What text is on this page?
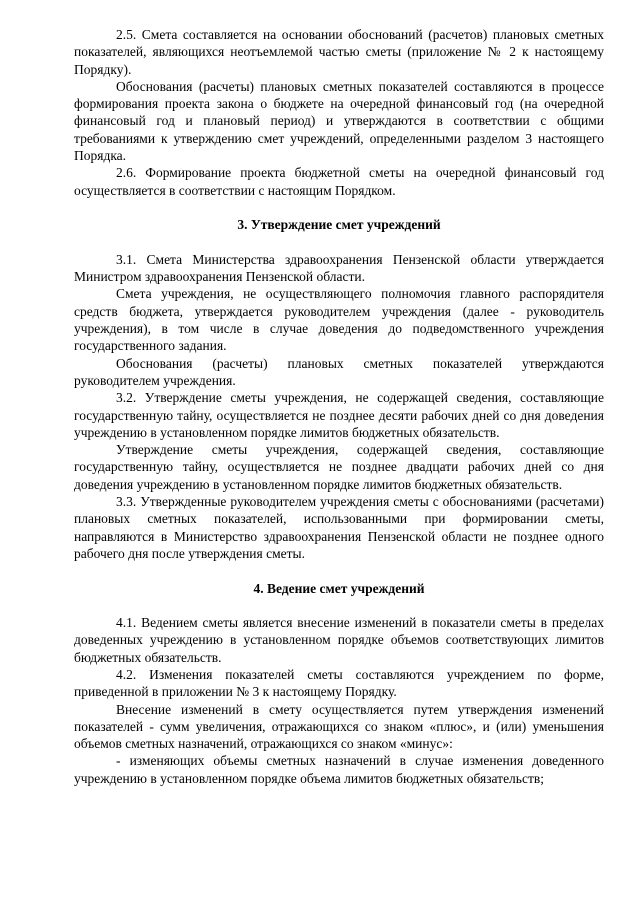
2.5. Смета составляется на основании обоснований (расчетов) плановых сметных показателей, являющихся неотъемлемой частью сметы (приложение № 2 к настоящему Порядку).

Обоснования (расчеты) плановых сметных показателей составляются в процессе формирования проекта закона о бюджете на очередной финансовый год (на очередной финансовый год и плановый период) и утверждаются в соответствии с общими требованиями к утверждению смет учреждений, определенными разделом 3 настоящего Порядка.

2.6. Формирование проекта бюджетной сметы на очередной финансовый год осуществляется в соответствии с настоящим Порядком.

3. Утверждение смет учреждений

3.1. Смета Министерства здравоохранения Пензенской области утверждается Министром здравоохранения Пензенской области.

Смета учреждения, не осуществляющего полномочия главного распорядителя средств бюджета, утверждается руководителем учреждения (далее - руководитель учреждения), в том числе в случае доведения до подведомственного учреждения государственного задания.

Обоснования (расчеты) плановых сметных показателей утверждаются руководителем учреждения.

3.2. Утверждение сметы учреждения, не содержащей сведения, составляющие государственную тайну, осуществляется не позднее десяти рабочих дней со дня доведения учреждению в установленном порядке лимитов бюджетных обязательств.

Утверждение сметы учреждения, содержащей сведения, составляющие государственную тайну, осуществляется не позднее двадцати рабочих дней со дня доведения учреждению в установленном порядке лимитов бюджетных обязательств.

3.3. Утвержденные руководителем учреждения сметы с обоснованиями (расчетами) плановых сметных показателей, использованными при формировании сметы, направляются в Министерство здравоохранения Пензенской области не позднее одного рабочего дня после утверждения сметы.

4. Ведение смет учреждений

4.1. Ведением сметы является внесение изменений в показатели сметы в пределах доведенных учреждению в установленном порядке объемов соответствующих лимитов бюджетных обязательств.

4.2. Изменения показателей сметы составляются учреждением по форме, приведенной в приложении № 3 к настоящему Порядку.

Внесение изменений в смету осуществляется путем утверждения изменений показателей - сумм увеличения, отражающихся со знаком «плюс», и (или) уменьшения объемов сметных назначений, отражающихся со знаком «минус»:

- изменяющих объемы сметных назначений в случае изменения доведенного учреждению в установленном порядке объема лимитов бюджетных обязательств;
